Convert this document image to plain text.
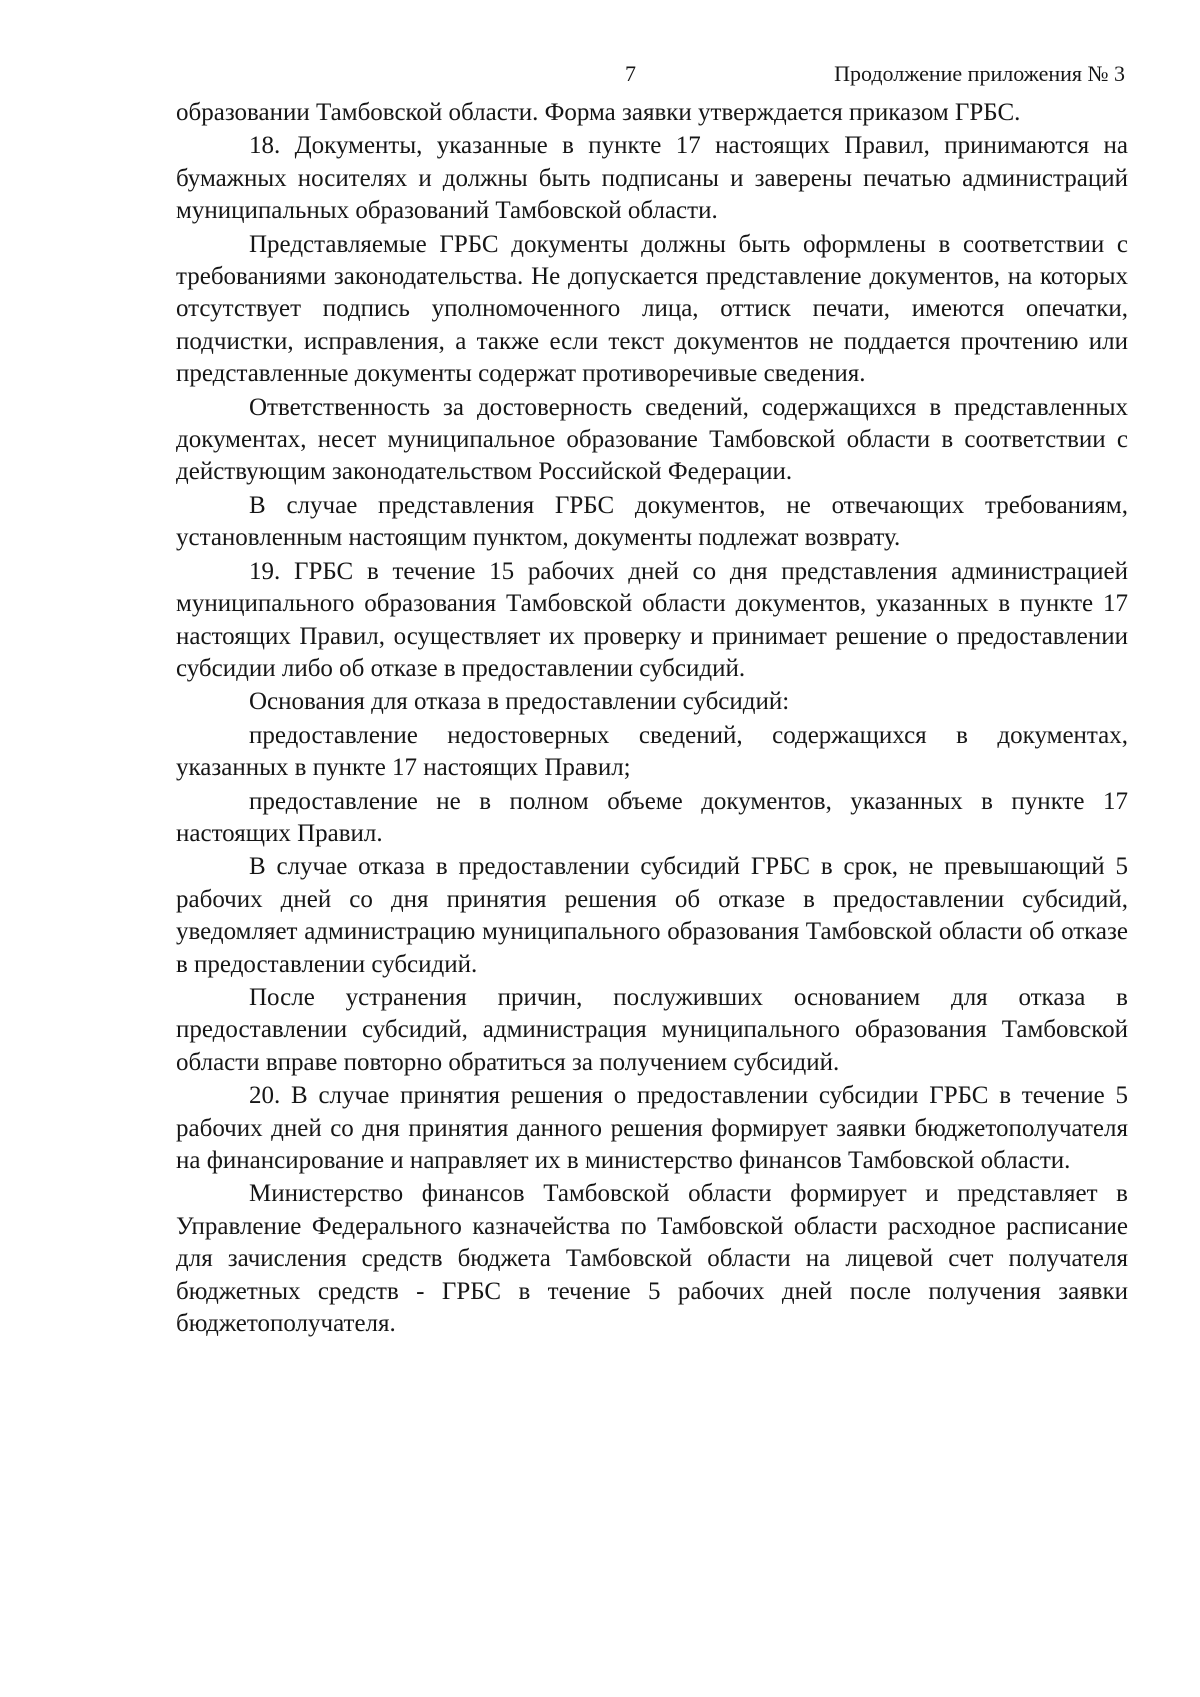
7	Продолжение приложения № 3

образовании Тамбовской области. Форма заявки утверждается приказом ГРБС.

18. Документы, указанные в пункте 17 настоящих Правил, принимаются на бумажных носителях и должны быть подписаны и заверены печатью администраций муниципальных образований Тамбовской области.

Представляемые ГРБС документы должны быть оформлены в соответствии с требованиями законодательства. Не допускается представление документов, на которых отсутствует подпись уполномоченного лица, оттиск печати, имеются опечатки, подчистки, исправления, а также если текст документов не поддается прочтению или представленные документы содержат противоречивые сведения.

Ответственность за достоверность сведений, содержащихся в представленных документах, несет муниципальное образование Тамбовской области в соответствии с действующим законодательством Российской Федерации.

В случае представления ГРБС документов, не отвечающих требованиям, установленным настоящим пунктом, документы подлежат возврату.

19. ГРБС в течение 15 рабочих дней со дня представления администрацией муниципального образования Тамбовской области документов, указанных в пункте 17 настоящих Правил, осуществляет их проверку и принимает решение о предоставлении субсидии либо об отказе в предоставлении субсидий.

Основания для отказа в предоставлении субсидий:

предоставление недостоверных сведений, содержащихся в документах, указанных в пункте 17 настоящих Правил;

предоставление не в полном объеме документов, указанных в пункте 17 настоящих Правил.

В случае отказа в предоставлении субсидий ГРБС в срок, не превышающий 5 рабочих дней со дня принятия решения об отказе в предоставлении субсидий, уведомляет администрацию муниципального образования Тамбовской области об отказе в предоставлении субсидий.

После устранения причин, послуживших основанием для отказа в предоставлении субсидий, администрация муниципального образования Тамбовской области вправе повторно обратиться за получением субсидий.

20. В случае принятия решения о предоставлении субсидии ГРБС в течение 5 рабочих дней со дня принятия данного решения формирует заявки бюджетополучателя на финансирование и направляет их в министерство финансов Тамбовской области.

Министерство финансов Тамбовской области формирует и представляет в Управление Федерального казначейства по Тамбовской области расходное расписание для зачисления средств бюджета Тамбовской области на лицевой счет получателя бюджетных средств - ГРБС в течение 5 рабочих дней после получения заявки бюджетополучателя.
